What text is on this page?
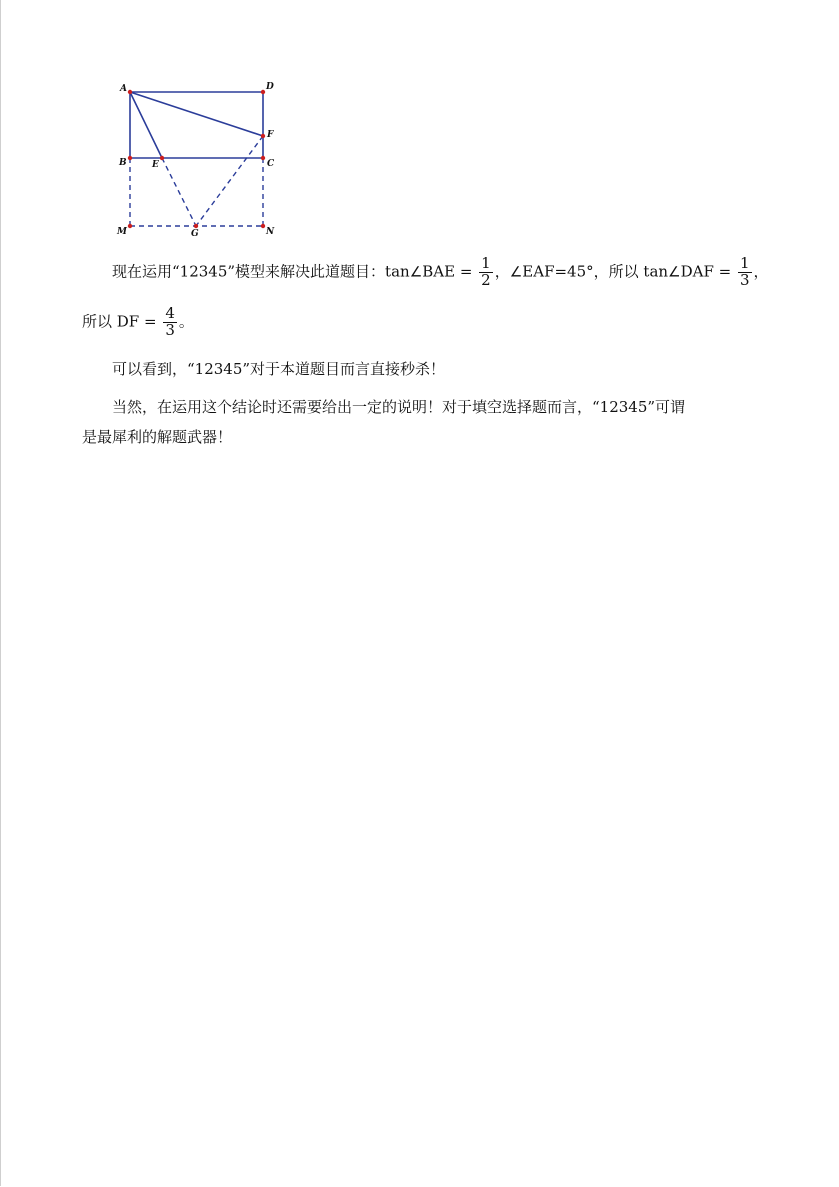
A	D
F
B	E	C
M	G	N
现在运用“12345”模型来解决此道题目：tan∠BAE = $\frac{1}{2}$ ，∠EAF=45°，所以 tan∠DAF = $\frac{1}{3}$ ，
所以 DF = $\frac{4}{3}$ 。
可以看到，“12345”对于本道题目而言直接秒杀！
当然，在运用这个结论时还需要给出一定的说明！对于填空选择题而言，“12345”可谓
是最犀利的解题武器！
